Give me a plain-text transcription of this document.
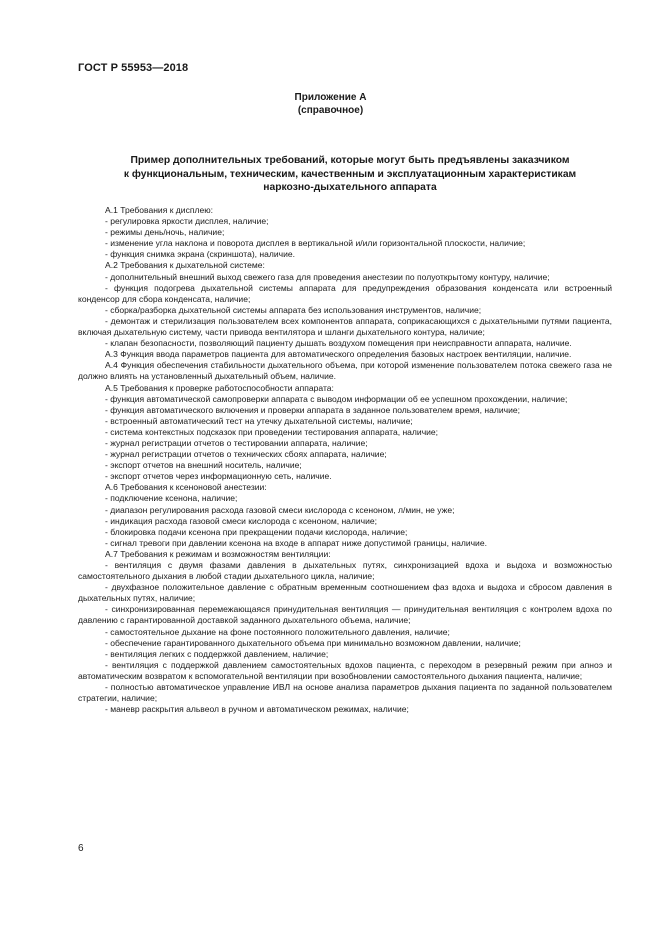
ГОСТ Р 55953—2018
Приложение А
(справочное)
Пример дополнительных требований, которые могут быть предъявлены заказчиком
к функциональным, техническим, качественным и эксплуатационным характеристикам
наркозно-дыхательного аппарата

А.1 Требования к дисплею:

- регулировка яркости дисплея, наличие;

- режимы день/ночь, наличие;

- изменение угла наклона и поворота дисплея в вертикальной и/или горизонтальной плоскости, наличие;

- функция снимка экрана (скриншота), наличие.

А.2 Требования к дыхательной системе:

- дополнительный внешний выход свежего газа для проведения анестезии по полуоткрытому контуру, наличие;

- функция подогрева дыхательной системы аппарата для предупреждения образования конденсата или встроенный конденсор для сбора конденсата, наличие;

- сборка/разборка дыхательной системы аппарата без использования инструментов, наличие;

- демонтаж и стерилизация пользователем всех компонентов аппарата, соприкасающихся с дыхательными путями пациента, включая дыхательную систему, части привода вентилятора и шланги дыхательного контура, наличие;

- клапан безопасности, позволяющий пациенту дышать воздухом помещения при неисправности аппарата, наличие.

А.3 Функция ввода параметров пациента для автоматического определения базовых настроек вентиляции, наличие.

А.4 Функция обеспечения стабильности дыхательного объема, при которой изменение пользователем потока свежего газа не должно влиять на установленный дыхательный объем, наличие.

А.5 Требования к проверке работоспособности аппарата:

- функция автоматической самопроверки аппарата с выводом информации об ее успешном прохождении, наличие;

- функция автоматического включения и проверки аппарата в заданное пользователем время, наличие;

- встроенный автоматический тест на утечку дыхательной системы, наличие;

- система контекстных подсказок при проведении тестирования аппарата, наличие;

- журнал регистрации отчетов о тестировании аппарата, наличие;

- журнал регистрации отчетов о технических сбоях аппарата, наличие;

- экспорт отчетов на внешний носитель, наличие;

- экспорт отчетов через информационную сеть, наличие.

А.6 Требования к ксеноновой анестезии:

- подключение ксенона, наличие;

- диапазон регулирования расхода газовой смеси кислорода с ксеноном, л/мин, не уже;

- индикация расхода газовой смеси кислорода с ксеноном, наличие;

- блокировка подачи ксенона при прекращении подачи кислорода, наличие;

- сигнал тревоги при давлении ксенона на входе в аппарат ниже допустимой границы, наличие.

А.7 Требования к режимам и возможностям вентиляции:

- вентиляция с двумя фазами давления в дыхательных путях, синхронизацией вдоха и выдоха и возможностью самостоятельного дыхания в любой стадии дыхательного цикла, наличие;

- двухфазное положительное давление с обратным временным соотношением фаз вдоха и выдоха и сбросом давления в дыхательных путях, наличие;

- синхронизированная перемежающаяся принудительная вентиляция — принудительная вентиляция с контролем вдоха по давлению с гарантированной доставкой заданного дыхательного объема, наличие;

- самостоятельное дыхание на фоне постоянного положительного давления, наличие;

- обеспечение гарантированного дыхательного объема при минимально возможном давлении, наличие;

- вентиляция легких с поддержкой давлением, наличие;

- вентиляция с поддержкой давлением самостоятельных вдохов пациента, с переходом в резервный режим при апноэ и автоматическим возвратом к вспомогательной вентиляции при возобновлении самостоятельного дыхания пациента, наличие;

- полностью автоматическое управление ИВЛ на основе анализа параметров дыхания пациента по заданной пользователем стратегии, наличие;

- маневр раскрытия альвеол в ручном и автоматическом режимах, наличие;

6
